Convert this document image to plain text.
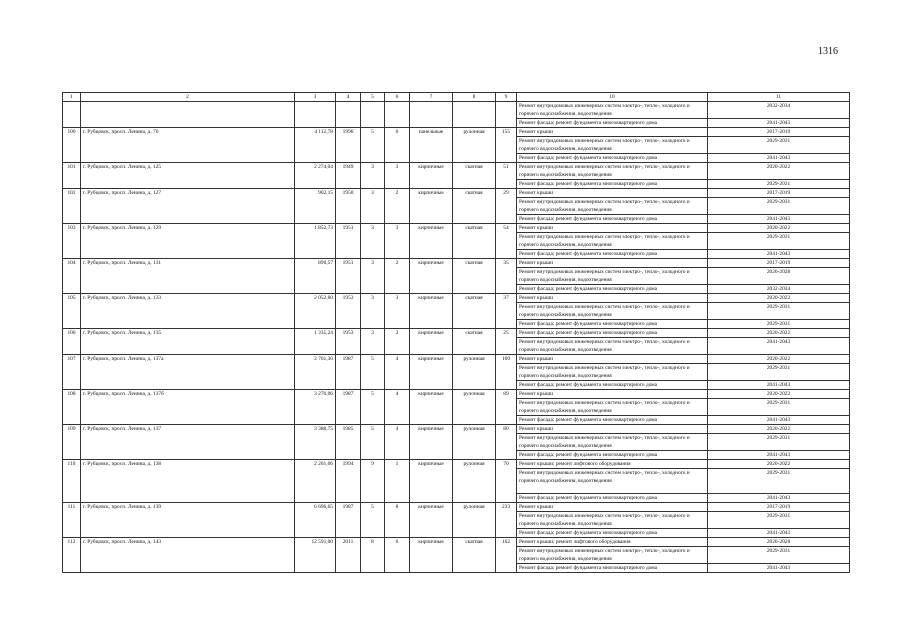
1316
1	2	3	4	5	6	7	8	9	10	11
									Ремонт внутридомовых инженерных систем электро-, тепло-, холодного и горячего водоснабжения, водоотведения	2032-2034
									Ремонт фасада; ремонт фундамента многоквартирного дома	2041-2043
100	г. Рубцовск, просп. Ленина, д. 70	4 112,78	1996	5	6	панельные	рулонная	155	Ремонт крыши	2017-2019
									Ремонт внутридомовых инженерных систем электро-, тепло-, холодного и горячего водоснабжения, водоотведения	2029-2031
									Ремонт фасада; ремонт фундамента многоквартирного дома	2041-2043
101	г. Рубцовск, просп. Ленина, д. 125	2 274,04	1949	3	3	кирпичные	скатная	51	Ремонт внутридомовых инженерных систем электро-, тепло-, холодного и горячего водоснабжения, водоотведения	2020-2022
									Ремонт фасада; ремонт фундамента многоквартирного дома	2029-2031
102	г. Рубцовск, просп. Ленина, д. 127	902,15	1950	3	2	кирпичные	скатная	29	Ремонт крыши	2017-2019
									Ремонт внутридомовых инженерных систем электро-, тепло-, холодного и горячего водоснабжения, водоотведения	2029-2031
									Ремонт фасада; ремонт фундамента многоквартирного дома	2041-2043
103	г. Рубцовск, просп. Ленина, д. 129	1 852,73	1951	3	3	кирпичные	скатная	54	Ремонт крыши	2020-2022
									Ремонт внутридомовых инженерных систем электро-, тепло-, холодного и горячего водоснабжения, водоотведения	2029-2031
									Ремонт фасада; ремонт фундамента многоквартирного дома	2041-2043
104	г. Рубцовск, просп. Ленина, д. 131	890,57	1951	3	2	кирпичные	скатная	35	Ремонт крыши	2017-2019
									Ремонт внутридомовых инженерных систем электро-, тепло-, холодного и горячего водоснабжения, водоотведения	2026-2028
									Ремонт фасада; ремонт фундамента многоквартирного дома	2032-2034
105	г. Рубцовск, просп. Ленина, д. 133	2 052,60	1953	3	3	кирпичные	скатная	37	Ремонт крыши	2020-2022
									Ремонт внутридомовых инженерных систем электро-, тепло-, холодного и горячего водоснабжения, водоотведения	2029-2031
									Ремонт фасада; ремонт фундамента многоквартирного дома	2029-2031
106	г. Рубцовск, просп. Ленина, д. 135	1 335,24	1953	3	2	кирпичные	скатная	25	Ремонт фасада; ремонт фундамента многоквартирного дома	2020-2022
									Ремонт внутридомовых инженерных систем электро-, тепло-, холодного и горячего водоснабжения, водоотведения	2041-2043
107	г. Рубцовск, просп. Ленина, д. 137а	2 761,30	1987	5	4	кирпичные	рулонная	100	Ремонт крыши	2020-2022
									Ремонт внутридомовых инженерных систем электро-, тепло-, холодного и горячего водоснабжения, водоотведения	2029-2031
									Ремонт фасада; ремонт фундамента многоквартирного дома	2041-2043
108	г. Рубцовск, просп. Ленина, д. 137б	3 276,06	1987	5	4	кирпичные	рулонная	89	Ремонт крыши	2020-2022
									Ремонт внутридомовых инженерных систем электро-, тепло-, холодного и горячего водоснабжения, водоотведения	2029-2031
									Ремонт фасада; ремонт фундамента многоквартирного дома	2041-2043
109	г. Рубцовск, просп. Ленина, д. 137	3 388,75	1985	5	4	кирпичные	рулонная	80	Ремонт крыши	2020-2022
									Ремонт внутридомовых инженерных систем электро-, тепло-, холодного и горячего водоснабжения, водоотведения	2029-2031
									Ремонт фасада; ремонт фундамента многоквартирного дома	2041-2043
110	г. Рубцовск, просп. Ленина, д. 138	2 261,06	1994	9	1	кирпичные	рулонная	70	Ремонт крыши; ремонт лифтового оборудования	2020-2022
									Ремонт внутридомовых инженерных систем электро-, тепло-, холодного и горячего водоснабжения, водоотведения	2029-2031
									Ремонт фасада; ремонт фундамента многоквартирного дома	2041-2043
111	г. Рубцовск, просп. Ленина, д. 139	6 696,65	1987	5	8	кирпичные	рулонная	233	Ремонт крыши	2017-2019
									Ремонт внутридомовых инженерных систем электро-, тепло-, холодного и горячего водоснабжения, водоотведения	2029-2031
									Ремонт фасада; ремонт фундамента многоквартирного дома	2041-2043
112	г. Рубцовск, просп. Ленина, д. 143	12 591,00	2011	8	6	кирпичные	скатная	162	Ремонт крыши; ремонт лифтового оборудования	2026-2028
									Ремонт внутридомовых инженерных систем электро-, тепло-, холодного и горячего водоснабжения, водоотведения	2029-2031
									Ремонт фасада; ремонт фундамента многоквартирного дома	2041-2043
